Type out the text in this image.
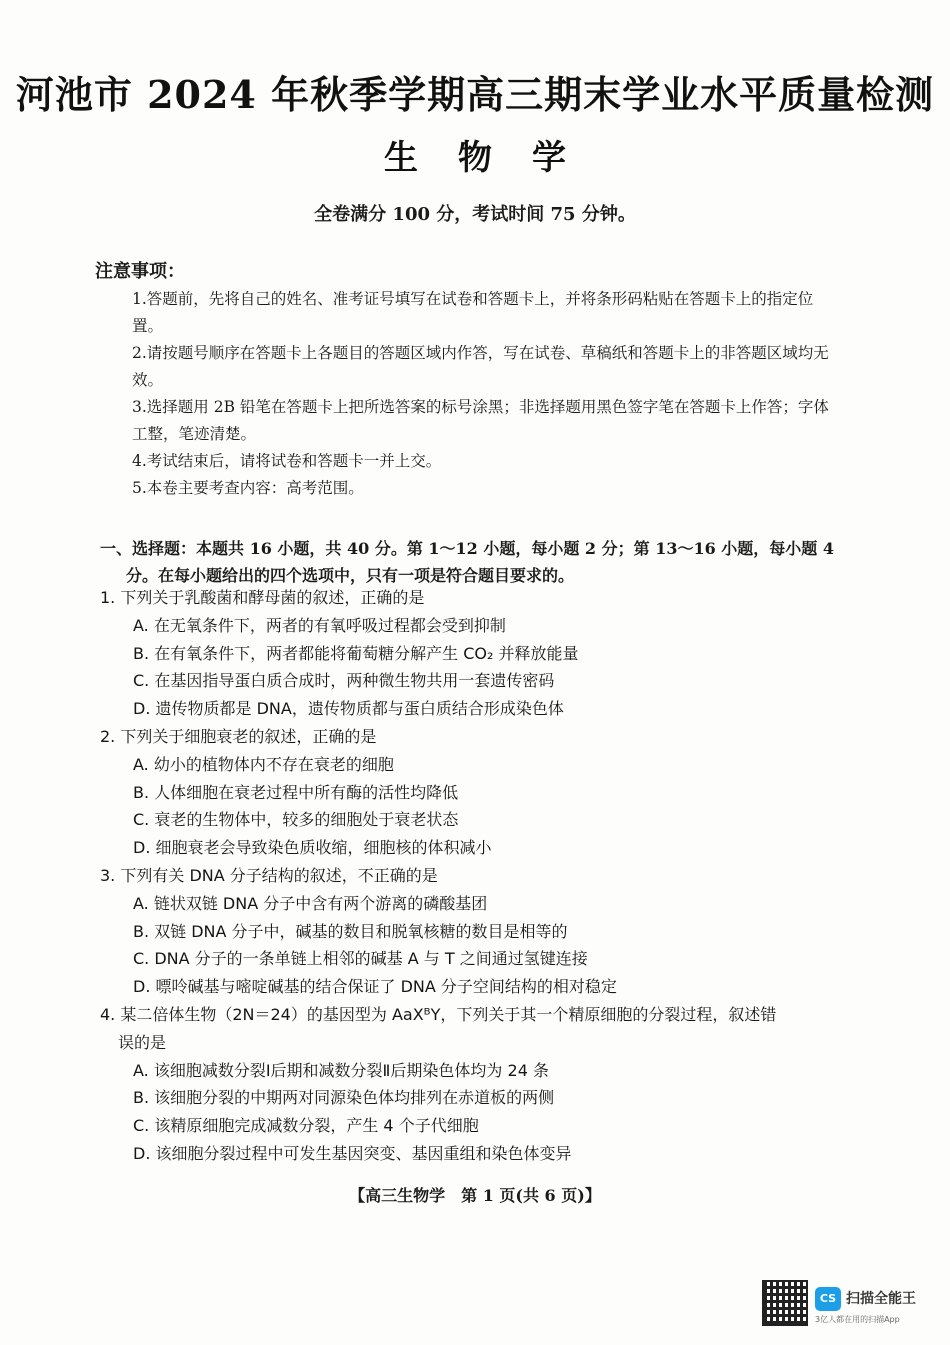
河池市 2024 年秋季学期高三期末学业水平质量检测
生物学
全卷满分 100 分，考试时间 75 分钟。
注意事项：
1.答题前，先将自己的姓名、准考证号填写在试卷和答题卡上，并将条形码粘贴在答题卡上的指定位置。
2.请按题号顺序在答题卡上各题目的答题区域内作答，写在试卷、草稿纸和答题卡上的非答题区域均无效。
3.选择题用 2B 铅笔在答题卡上把所选答案的标号涂黑；非选择题用黑色签字笔在答题卡上作答；字体工整，笔迹清楚。
4.考试结束后，请将试卷和答题卡一并上交。
5.本卷主要考查内容：高考范围。
一、选择题：本题共 16 小题，共 40 分。第 1～12 小题，每小题 2 分；第 13～16 小题，每小题 4
分。在每小题给出的四个选项中，只有一项是符合题目要求的。

1. 下列关于乳酸菌和酵母菌的叙述，正确的是

A. 在无氧条件下，两者的有氧呼吸过程都会受到抑制

B. 在有氧条件下，两者都能将葡萄糖分解产生 CO₂ 并释放能量

C. 在基因指导蛋白质合成时，两种微生物共用一套遗传密码

D. 遗传物质都是 DNA，遗传物质都与蛋白质结合形成染色体

2. 下列关于细胞衰老的叙述，正确的是

A. 幼小的植物体内不存在衰老的细胞

B. 人体细胞在衰老过程中所有酶的活性均降低

C. 衰老的生物体中，较多的细胞处于衰老状态

D. 细胞衰老会导致染色质收缩，细胞核的体积减小

3. 下列有关 DNA 分子结构的叙述，不正确的是

A. 链状双链 DNA 分子中含有两个游离的磷酸基团

B. 双链 DNA 分子中，碱基的数目和脱氧核糖的数目是相等的

C. DNA 分子的一条单链上相邻的碱基 A 与 T 之间通过氢键连接

D. 嘌呤碱基与嘧啶碱基的结合保证了 DNA 分子空间结构的相对稳定

4. 某二倍体生物（2N＝24）的基因型为 AaXᴮY，下列关于其一个精原细胞的分裂过程，叙述错

误的是

A. 该细胞减数分裂Ⅰ后期和减数分裂Ⅱ后期染色体均为 24 条

B. 该细胞分裂的中期两对同源染色体均排列在赤道板的两侧

C. 该精原细胞完成减数分裂，产生 4 个子代细胞

D. 该细胞分裂过程中可发生基因突变、基因重组和染色体变异

【高三生物学　第 1 页(共 6 页)】
CS 扫描全能王
3亿人都在用的扫描App
